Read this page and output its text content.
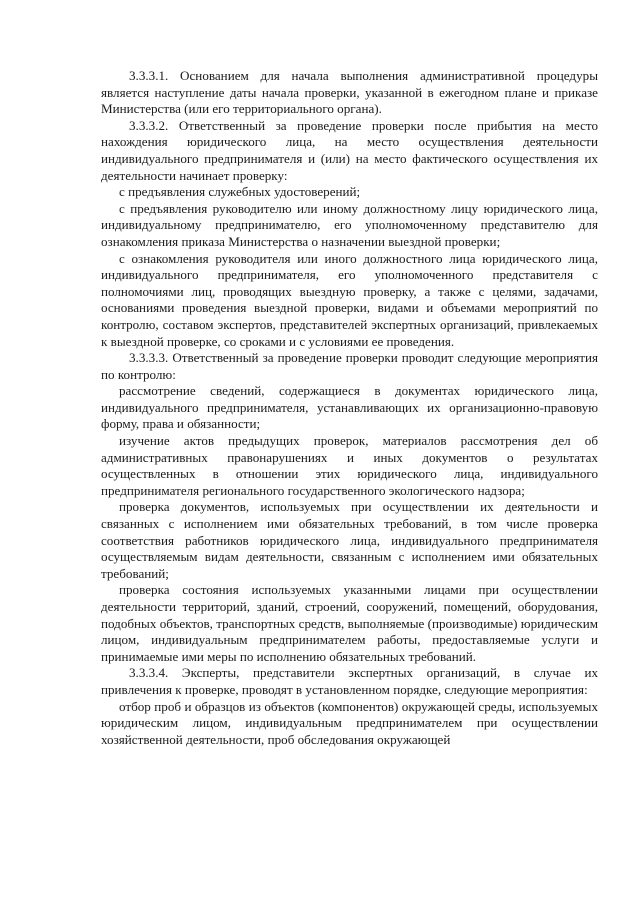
3.3.3.1. Основанием для начала выполнения административной процедуры является наступление даты начала проверки, указанной в ежегодном плане и приказе Министерства (или его территориального органа).

3.3.3.2. Ответственный за проведение проверки после прибытия на место нахождения юридического лица, на место осуществления деятельности индивидуального предпринимателя и (или) на место фактического осуществления их деятельности начинает проверку:

с предъявления служебных удостоверений;

с предъявления руководителю или иному должностному лицу юридического лица, индивидуальному предпринимателю, его уполномоченному представителю для ознакомления приказа Министерства о назначении выездной проверки;

с ознакомления руководителя или иного должностного лица юридического лица, индивидуального предпринимателя, его уполномоченного представителя с полномочиями лиц, проводящих выездную проверку, а также с целями, задачами, основаниями проведения выездной проверки, видами и объемами мероприятий по контролю, составом экспертов, представителей экспертных организаций, привлекаемых к выездной проверке, со сроками и с условиями ее проведения.

3.3.3.3. Ответственный за проведение проверки проводит следующие мероприятия по контролю:

рассмотрение сведений, содержащиеся в документах юридического лица, индивидуального предпринимателя, устанавливающих их организационно-правовую форму, права и обязанности;

изучение актов предыдущих проверок, материалов рассмотрения дел об административных правонарушениях и иных документов о результатах осуществленных в отношении этих юридического лица, индивидуального предпринимателя регионального государственного экологического надзора;

проверка документов, используемых при осуществлении их деятельности и связанных с исполнением ими обязательных требований, в том числе проверка соответствия работников юридического лица, индивидуального предпринимателя осуществляемым видам деятельности, связанным с исполнением ими обязательных требований;

проверка состояния используемых указанными лицами при осуществлении деятельности территорий, зданий, строений, сооружений, помещений, оборудования, подобных объектов, транспортных средств, выполняемые (производимые) юридическим лицом, индивидуальным предпринимателем работы, предоставляемые услуги и принимаемые ими меры по исполнению обязательных требований.

3.3.3.4. Эксперты, представители экспертных организаций, в случае их привлечения к проверке, проводят в установленном порядке, следующие мероприятия:

отбор проб и образцов из объектов (компонентов) окружающей среды, используемых юридическим лицом, индивидуальным предпринимателем при осуществлении хозяйственной деятельности, проб обследования окружающей
